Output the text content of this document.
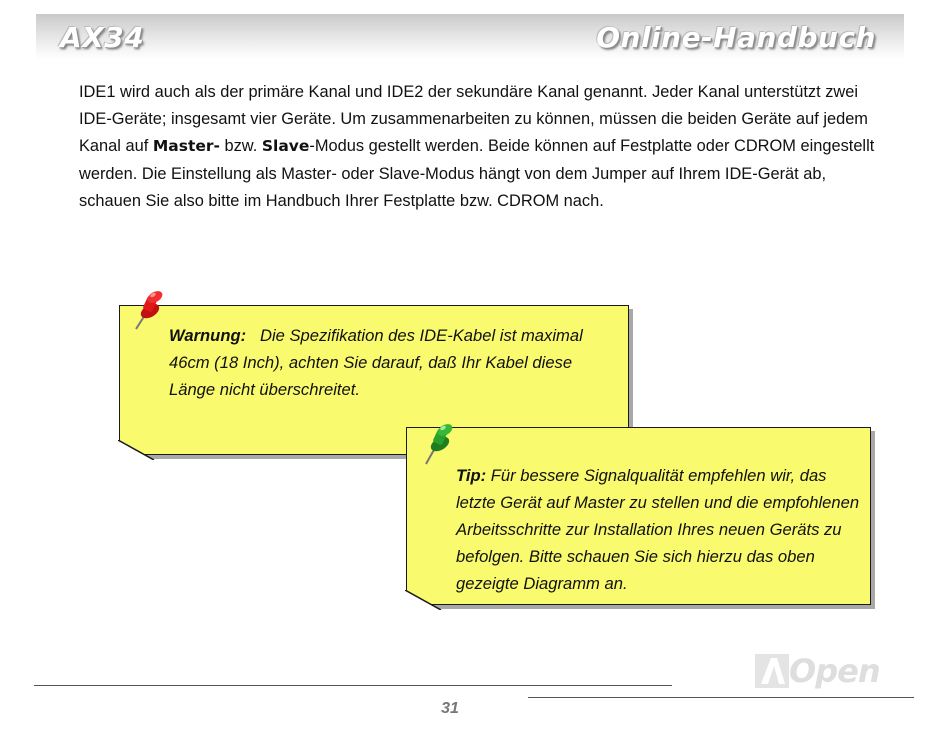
AX34	Online-Handbuch
IDE1 wird auch als der primäre Kanal und IDE2 der sekundäre Kanal genannt. Jeder Kanal unterstützt zwei IDE-Geräte; insgesamt vier Geräte. Um zusammenarbeiten zu können, müssen die beiden Geräte auf jedem Kanal auf Master- bzw. Slave-Modus gestellt werden. Beide können auf Festplatte oder CDROM eingestellt werden. Die Einstellung als Master- oder Slave-Modus hängt von dem Jumper auf Ihrem IDE-Gerät ab, schauen Sie also bitte im Handbuch Ihrer Festplatte bzw. CDROM nach.
Warnung: Die Spezifikation des IDE-Kabel ist maximal 46cm (18 Inch), achten Sie darauf, daß Ihr Kabel diese Länge nicht überschreitet.
Tip: Für bessere Signalqualität empfehlen wir, das letzte Gerät auf Master zu stellen und die empfohlenen Arbeitsschritte zur Installation Ihres neuen Geräts zu befolgen. Bitte schauen Sie sich hierzu das oben gezeigte Diagramm an.
31
Open
